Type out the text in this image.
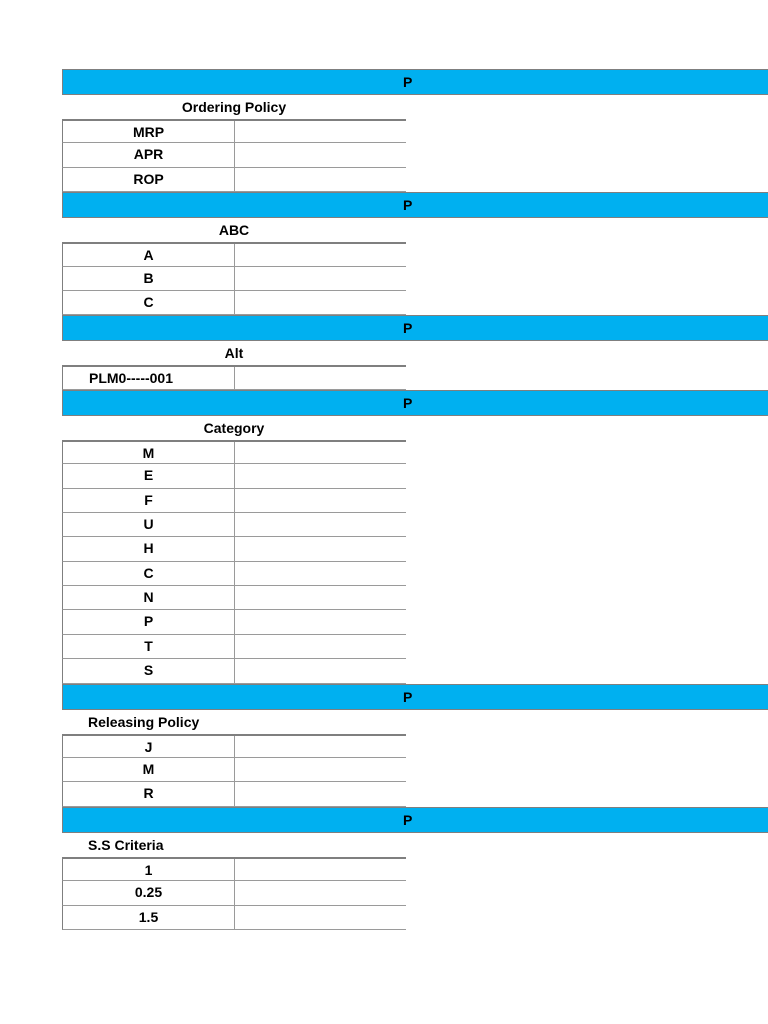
P
Ordering Policy
MRP
APR
ROP
P
ABC
A
B
C
P
Alt
PLM0-----001
P
Category
M
E
F
U
H
C
N
P
T
S
P
Releasing Policy
J
M
R
P
S.S Criteria
1
0.25
1.5
